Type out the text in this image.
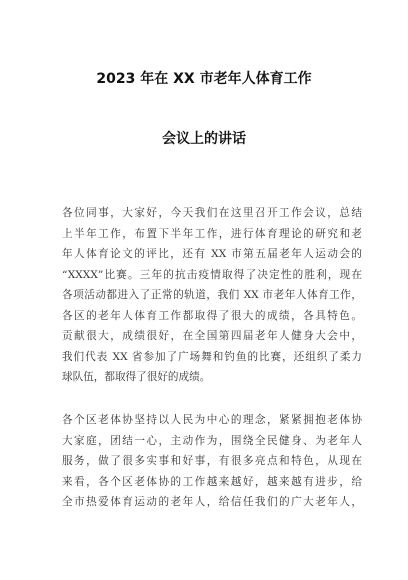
2023 年在 XX 市老年人体育工作
会议上的讲话
各位同事，大家好，今天我们在这里召开工作会议，总结
上半年工作，布置下半年工作，进行体育理论的研究和老
年人体育论文的评比，还有 XX 市第五届老年人运动会的
“XXXX”比赛。三年的抗击疫情取得了决定性的胜利，现在
各项活动都进入了正常的轨道，我们 XX 市老年人体育工作，
各区的老年人体育工作都取得了很大的成绩，各具特色。
贡献很大，成绩很好，在全国第四届老年人健身大会中，
我们代表 XX 省参加了广场舞和钓鱼的比赛，还组织了柔力
球队伍，都取得了很好的成绩。
各个区老体协坚持以人民为中心的理念，紧紧拥抱老体协
大家庭，团结一心，主动作为，围绕全民健身、为老年人
服务，做了很多实事和好事，有很多亮点和特色，从现在
来看，各个区老体协的工作越来越好，越来越有进步，给
全市热爱体育运动的老年人，给信任我们的广大老年人，
